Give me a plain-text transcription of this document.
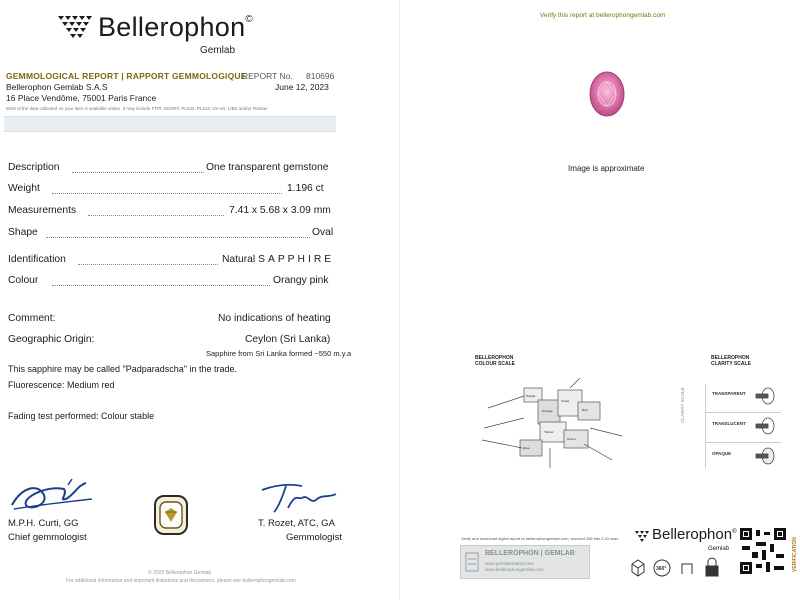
Bellerophon©
Gemlab
GEMMOLOGICAL REPORT | RAPPORT GEMMOLOGIQUE
REPORT No. 810696
Bellerophon Gemlab S.A.S	June 12, 2023
16 Place Vendôme, 75001 Paris France
Most of the data collected on your item is available online. It may include FTIR, EDXRF, PL532, PL313, UV-vis, LIBS and/or Raman
Description	One transparent gemstone
Weight	1.196 ct
Measurements	7.41 x 5.68 x 3.09 mm
Shape	Oval
Identification	Natural SAPPHIRE
Colour	Orangy pink
Comment:	No indications of heating
Geographic Origin:	Ceylon (Sri Lanka)
Sapphire from Sri Lanka formed ~550 m.y.a
This sapphire may be called "Padparadscha" in the trade.
Fluorescence: Medium red
Fading test performed: Colour stable
M.P.H. Curti, GG
Chief gemmologist
T. Rozet, ATC, GA
Gemmologist
© 2023 Bellerophon Gemlab
For additional information and important limitations and disclaimers, please see bellerophongemlab.com
Verify this report at bellerophongemlab.com
Image is approximate
BELLEROPHON COLOUR SCALE
Purple
Violet
Red
Orange
Yellow
Green
Blue
BELLEROPHON CLARITY SCALE
CLARITY SCALE	TRANSPARENT
TRANSLUCENT
OPAQUE
Verify and download digital report at bellerophongemlab.com, secured 256 bits 2.33 scan
BELLEROPHON | GEMLAB
www.gemlaboratory.com
www.bellerophongemlab.com
Bellerophon®
Gemlab
360°	VERIFICATION
